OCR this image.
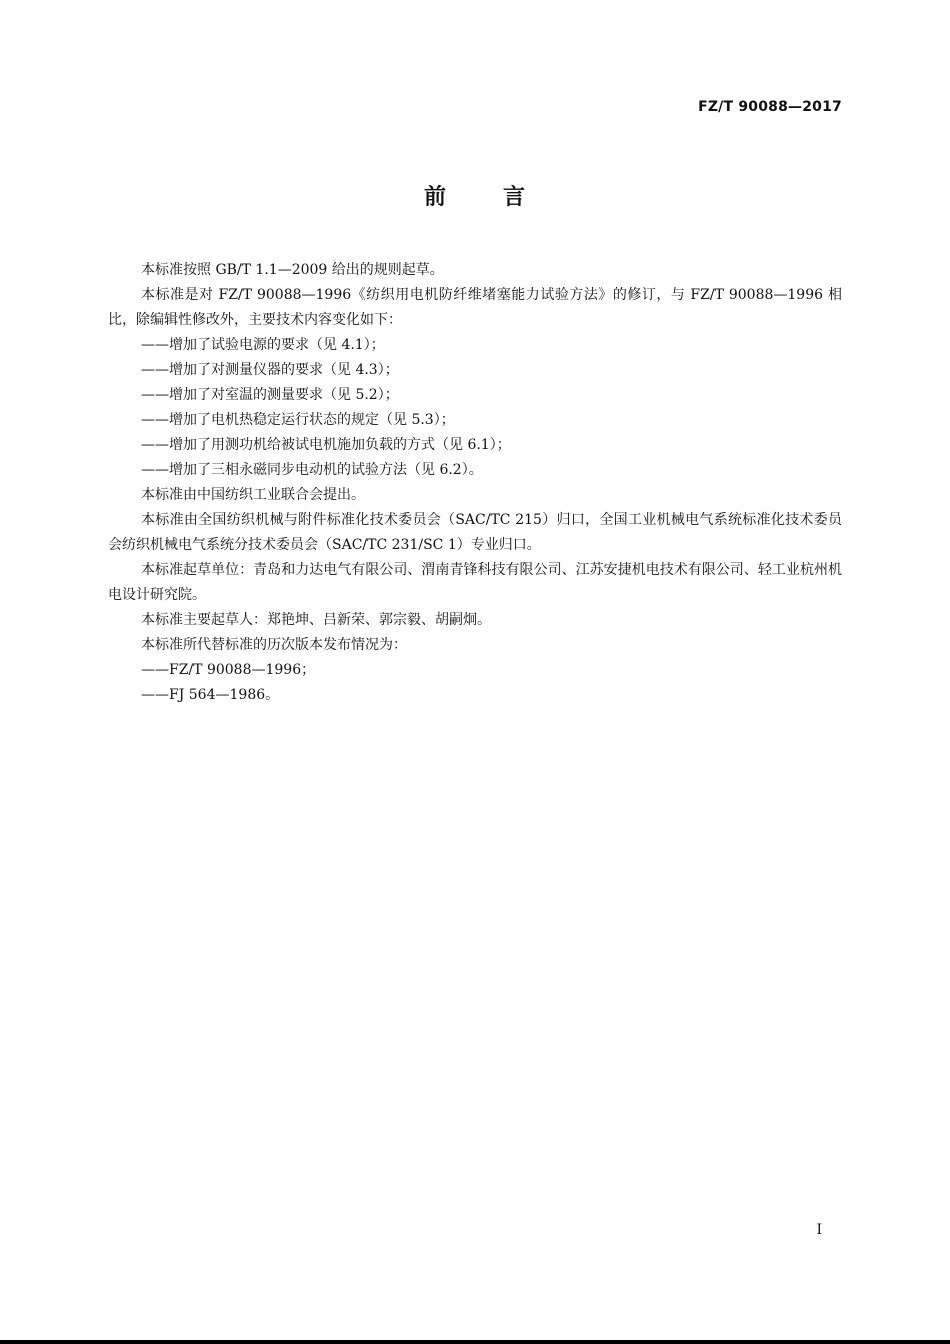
FZ/T 90088—2017
前	言

本标准按照 GB/T 1.1—2009 给出的规则起草。

本标准是对 FZ/T 90088—1996《纺织用电机防纤维堵塞能力试验方法》的修订，与 FZ/T 90088—1996 相比，除编辑性修改外，主要技术内容变化如下：

——增加了试验电源的要求（见 4.1）；

——增加了对测量仪器的要求（见 4.3）；

——增加了对室温的测量要求（见 5.2）；

——增加了电机热稳定运行状态的规定（见 5.3）；

——增加了用测功机给被试电机施加负载的方式（见 6.1）；

——增加了三相永磁同步电动机的试验方法（见 6.2）。

本标准由中国纺织工业联合会提出。

本标准由全国纺织机械与附件标准化技术委员会（SAC/TC 215）归口，全国工业机械电气系统标准化技术委员会纺织机械电气系统分技术委员会（SAC/TC 231/SC 1）专业归口。

本标准起草单位：青岛和力达电气有限公司、渭南青锋科技有限公司、江苏安捷机电技术有限公司、轻工业杭州机电设计研究院。

本标准主要起草人：郑艳坤、吕新荣、郭宗毅、胡嗣炯。

本标准所代替标准的历次版本发布情况为：

——FZ/T 90088—1996；

——FJ 564—1986。

I
